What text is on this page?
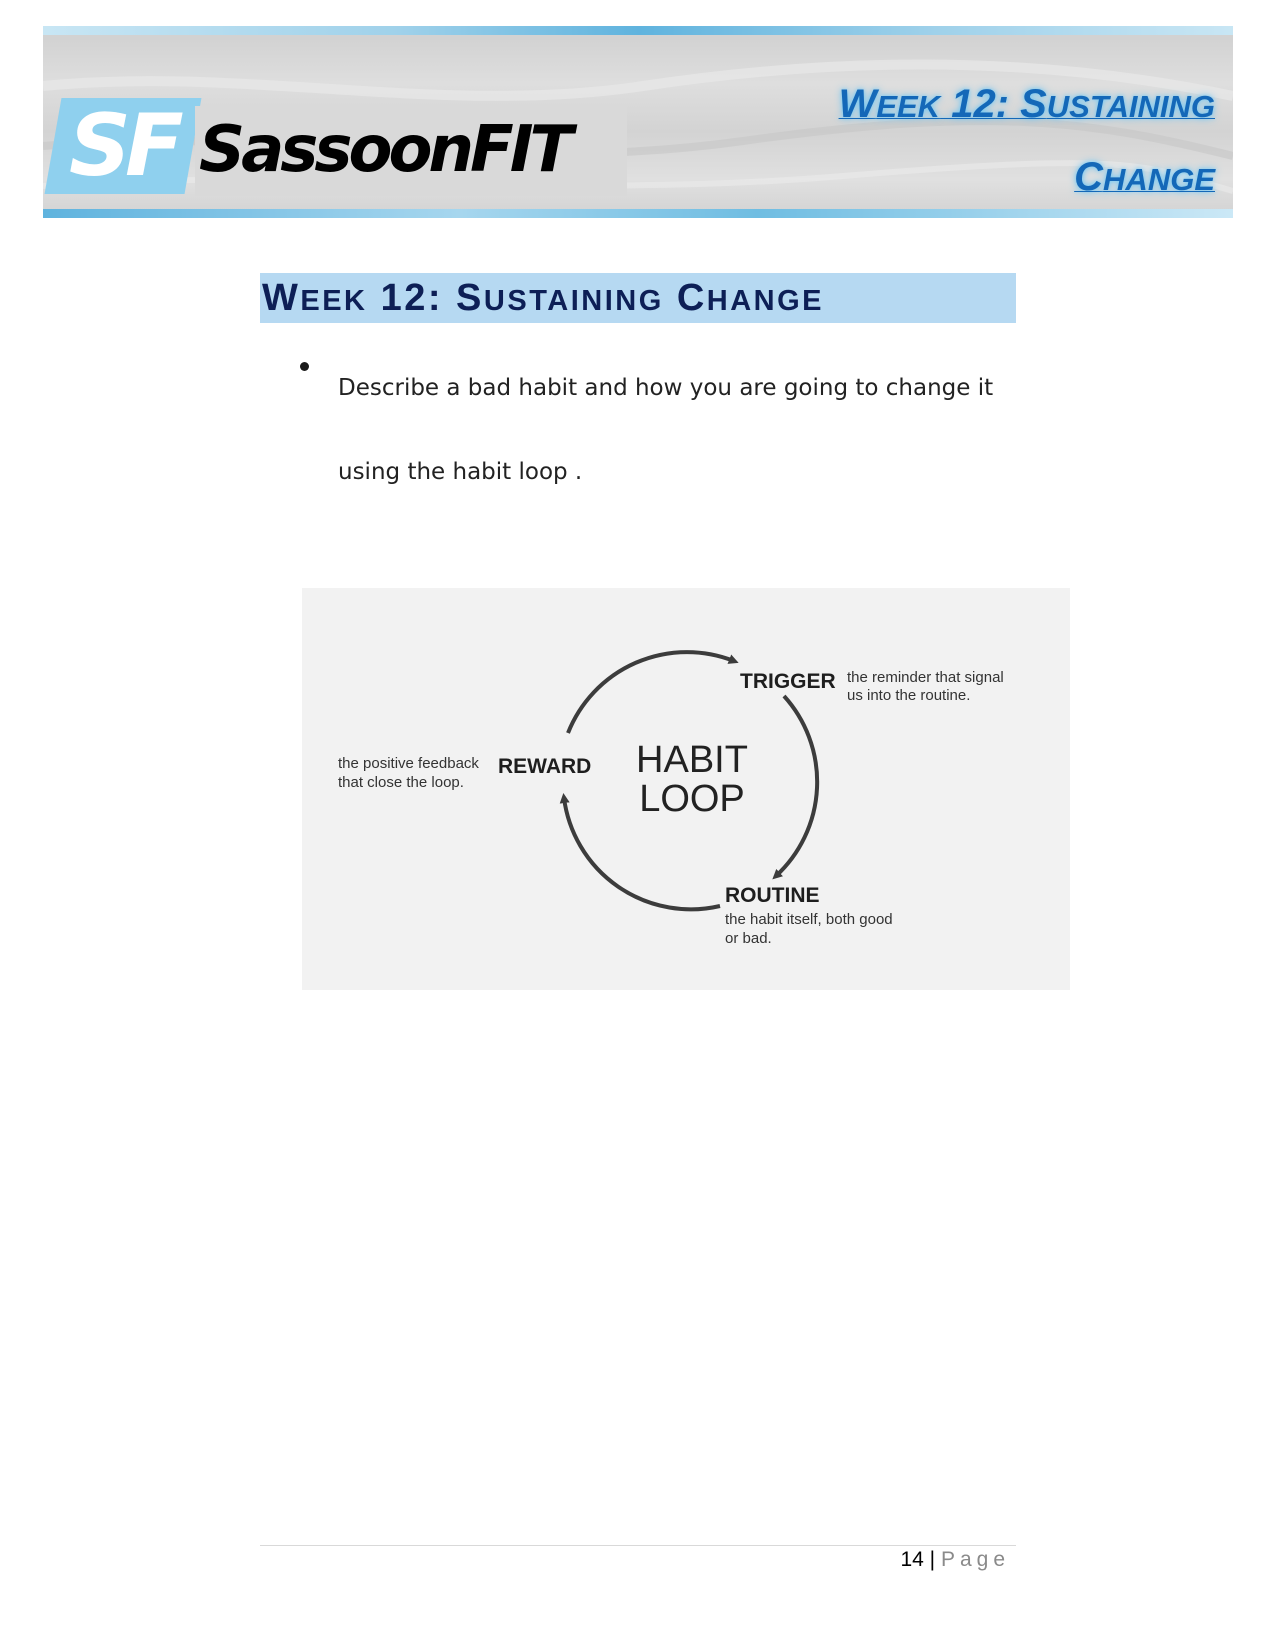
SF SassoonFIT
WEEK 12: SUSTAINING
CHANGE
WEEK 12: SUSTAINING CHANGE
Describe a bad habit and how you are going to change it using the habit loop .
HABIT
LOOP
TRIGGER the reminder that signal
us into the routine.
REWARD
the positive feedback
that close the loop.
ROUTINE
the habit itself, both good
or bad.
14 | Page
